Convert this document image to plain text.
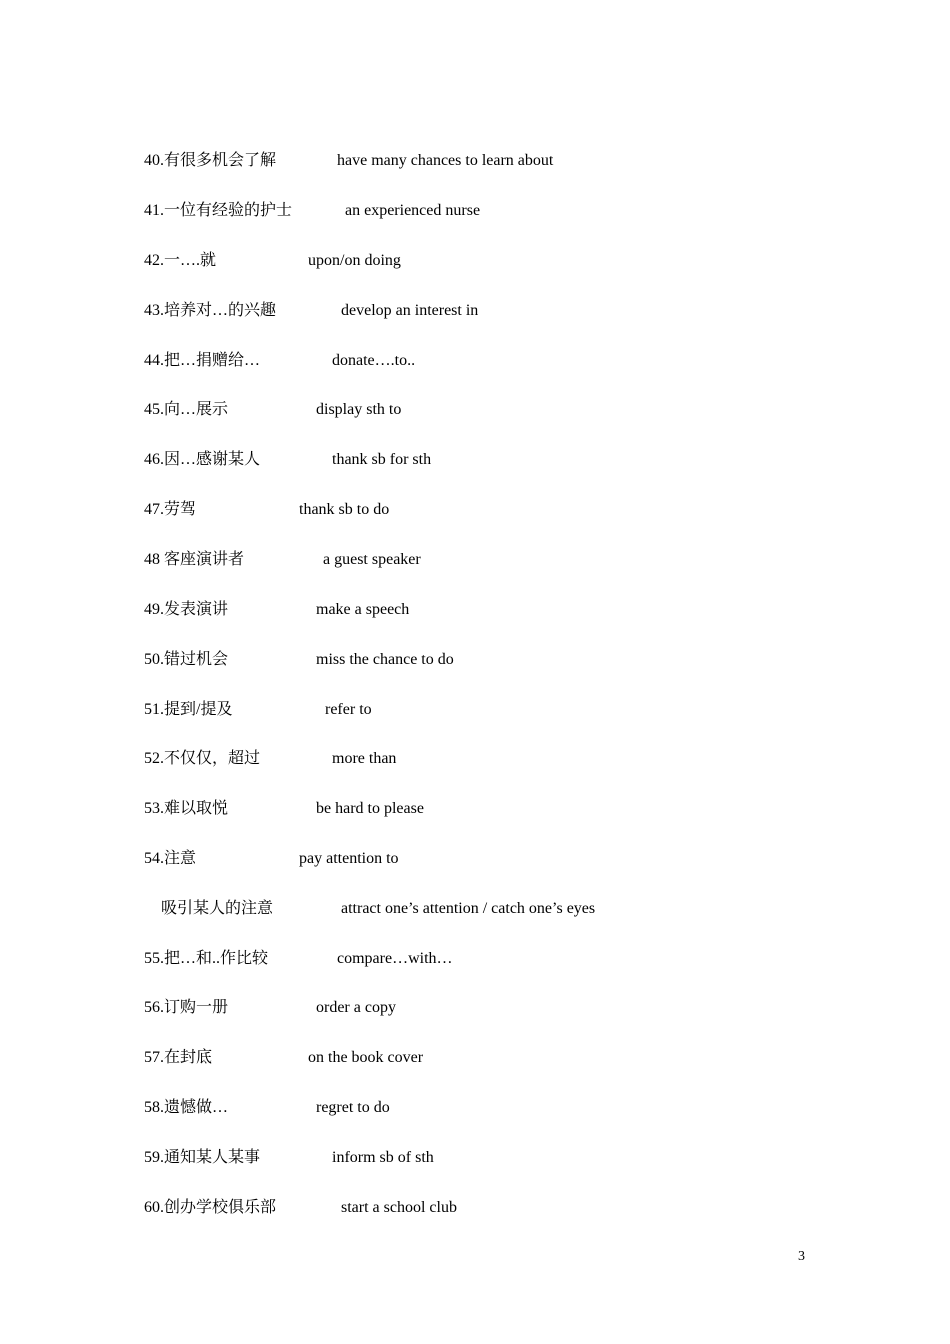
40.有很多机会了解	have many chances to learn about
41.一位有经验的护士	an experienced nurse
42.一….就	upon/on doing
43.培养对…的兴趣	develop an interest in
44.把…捐赠给…	donate….to..
45.向…展示	display sth to
46.因…感谢某人	thank sb for sth
47.劳驾	thank sb to do
48 客座演讲者	a guest speaker
49.发表演讲	make a speech
50.错过机会	miss the chance to do
51.提到/提及	refer to
52.不仅仅，超过	more than
53.难以取悦	be hard to please
54.注意	pay attention to
吸引某人的注意	attract one’s attention / catch one’s eyes
55.把…和..作比较	compare…with…
56.订购一册	order a copy
57.在封底	on the book cover
58.遗憾做…	regret to do
59.通知某人某事	inform sb of sth
60.创办学校俱乐部	start a school club
3
